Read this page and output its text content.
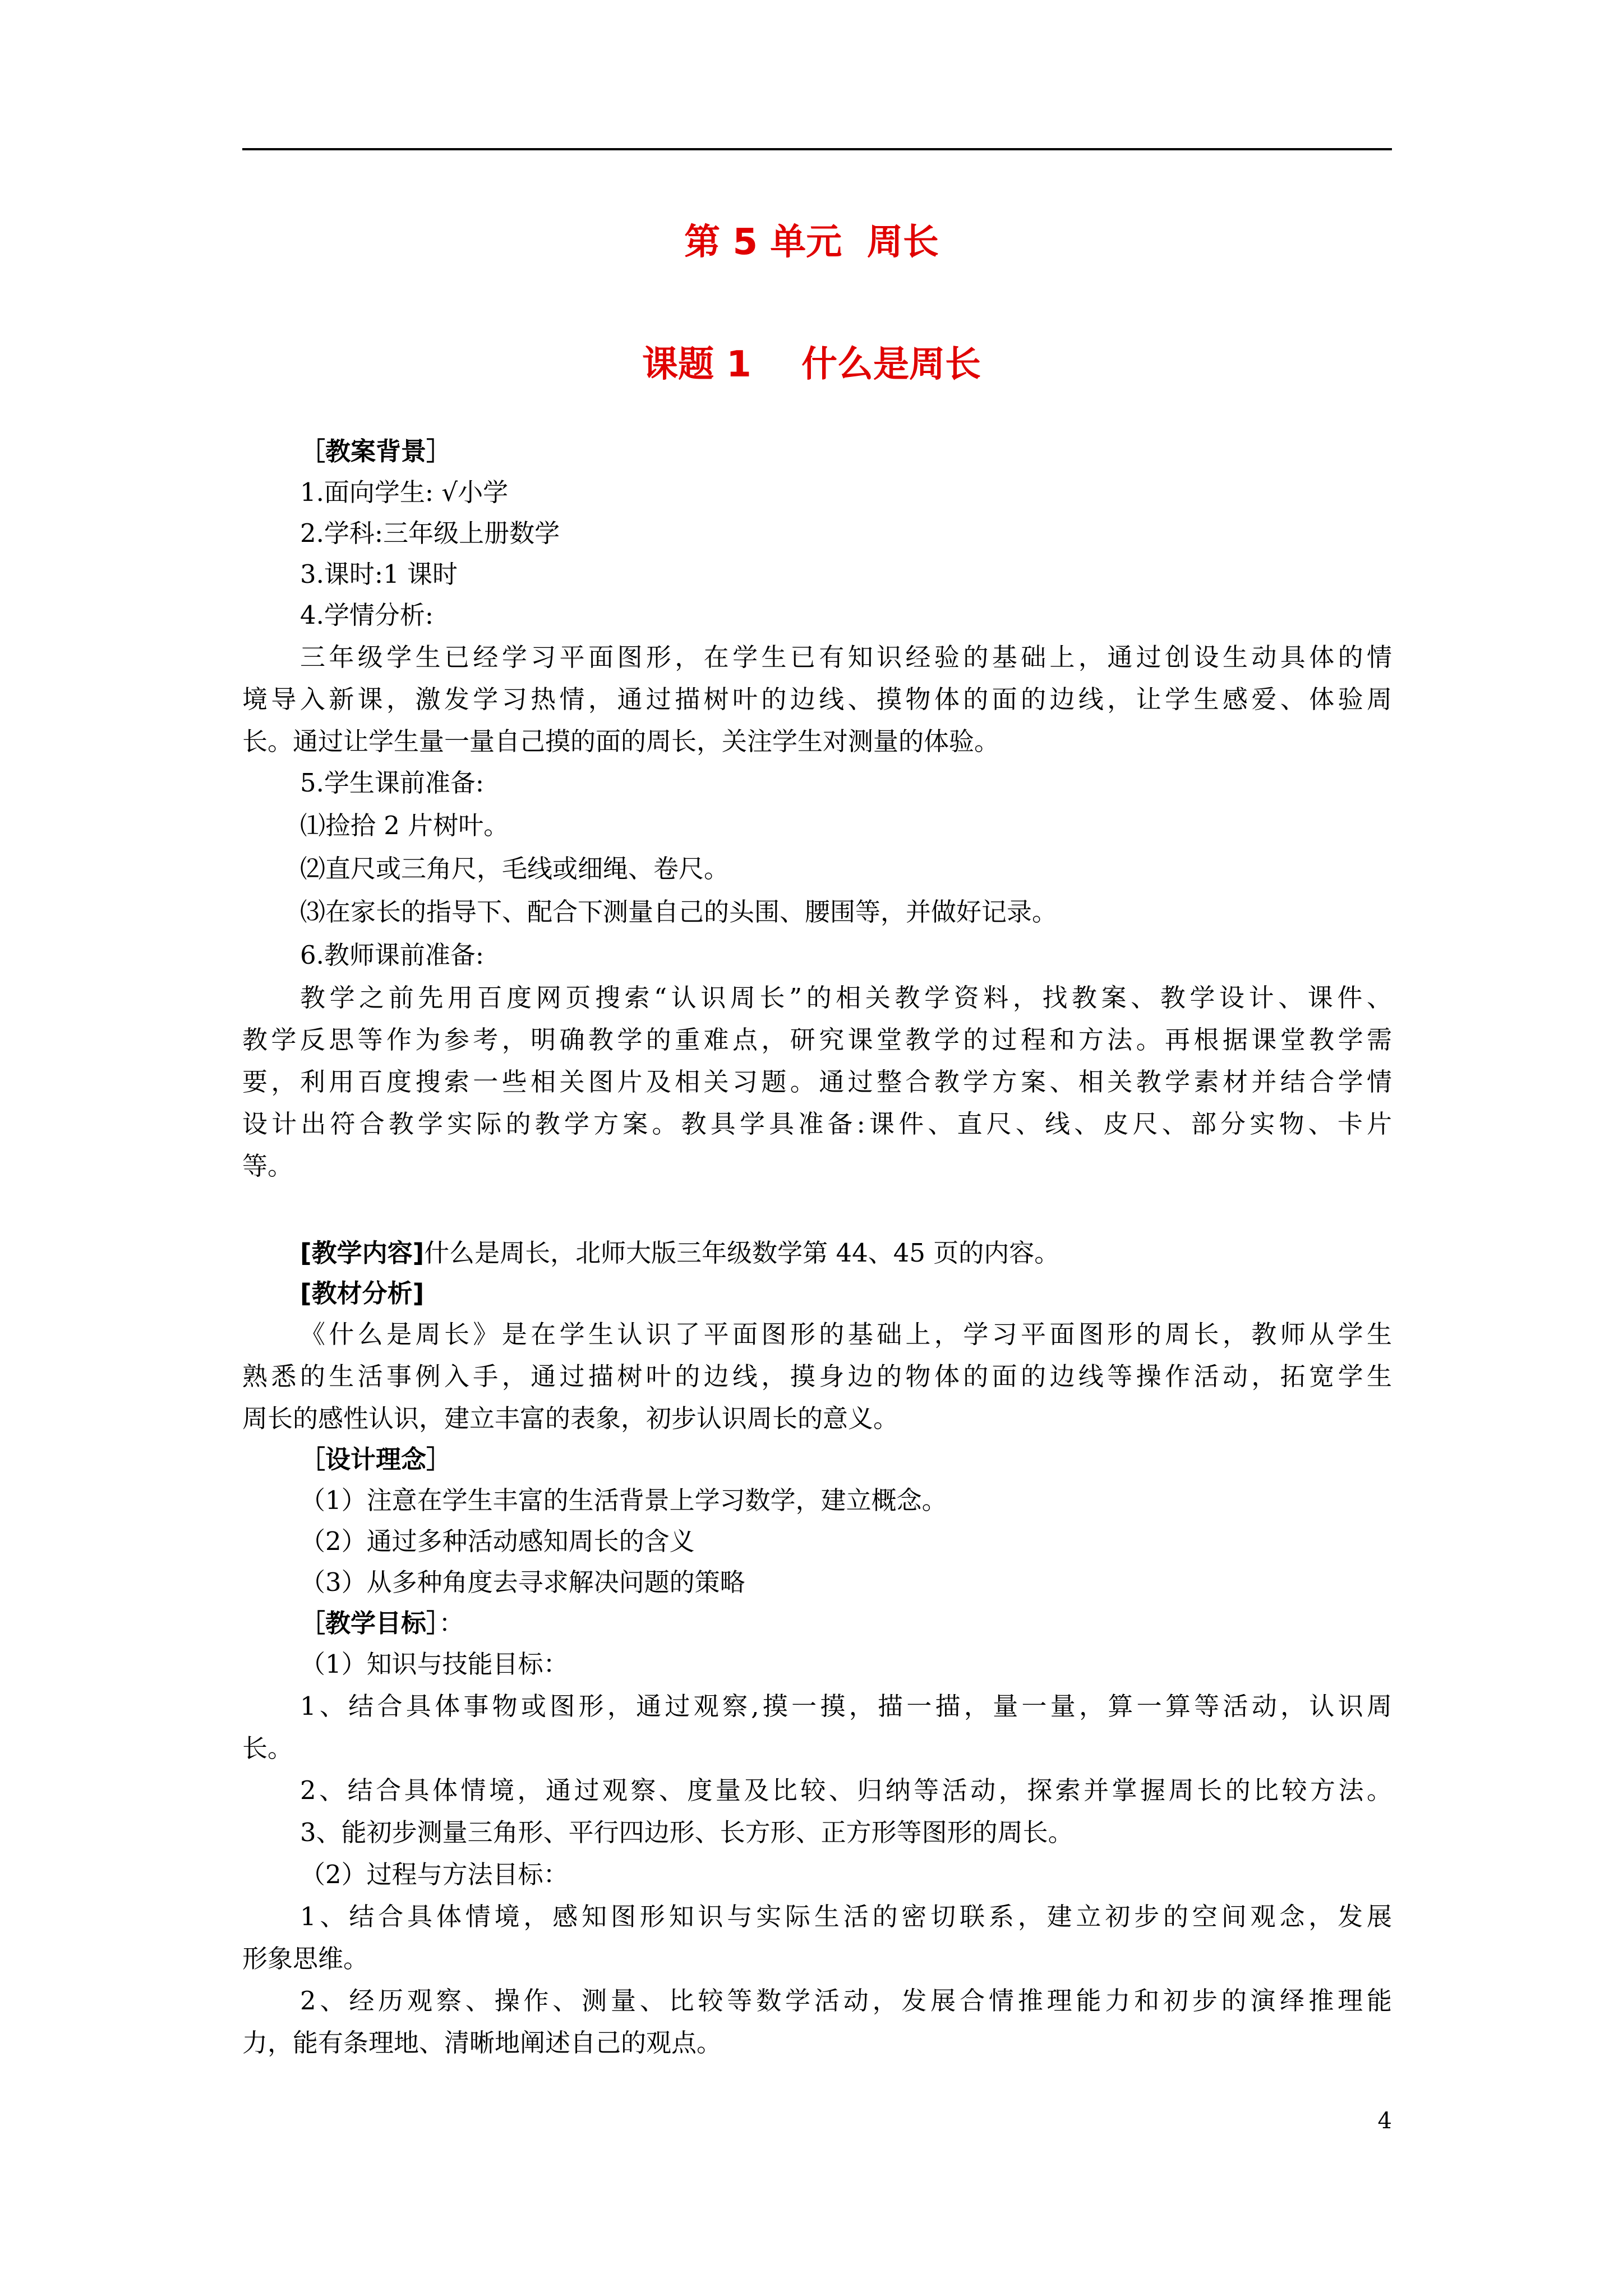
第 5 单元  周长
课题 1    什么是周长
［教案背景］
1.面向学生: √小学
2.学科:三年级上册数学
3.课时:1 课时
4.学情分析:
三年级学生已经学习平面图形，在学生已有知识经验的基础上，通过创设生动具体的情
境导入新课，激发学习热情，通过描树叶的边线、摸物体的面的边线，让学生感爱、体验周
长。通过让学生量一量自己摸的面的周长，关注学生对测量的体验。
5.学生课前准备:
⑴捡拾 2 片树叶。
⑵直尺或三角尺，毛线或细绳、卷尺。
⑶在家长的指导下、配合下测量自己的头围、腰围等，并做好记录。
6.教师课前准备:
教学之前先用百度网页搜索“认识周长”的相关教学资料，找教案、教学设计、课件、
教学反思等作为参考，明确教学的重难点，研究课堂教学的过程和方法。再根据课堂教学需
要，利用百度搜索一些相关图片及相关习题。通过整合教学方案、相关教学素材并结合学情
设计出符合教学实际的教学方案。教具学具准备:课件、直尺、线、皮尺、部分实物、卡片
等。
[教学内容]什么是周长，北师大版三年级数学第 44、45 页的内容。
[教材分析]
《什么是周长》是在学生认识了平面图形的基础上，学习平面图形的周长，教师从学生
熟悉的生活事例入手，通过描树叶的边线，摸身边的物体的面的边线等操作活动，拓宽学生
周长的感性认识，建立丰富的表象，初步认识周长的意义。
［设计理念］
（1）注意在学生丰富的生活背景上学习数学，建立概念。
（2）通过多种活动感知周长的含义
（3）从多种角度去寻求解决问题的策略
［教学目标］：
（1）知识与技能目标：
1、结合具体事物或图形，通过观察,摸一摸，描一描，量一量，算一算等活动，认识周
长。
2、结合具体情境，通过观察、度量及比较、归纳等活动，探索并掌握周长的比较方法。
3、能初步测量三角形、平行四边形、长方形、正方形等图形的周长。
（2）过程与方法目标：
1、结合具体情境，感知图形知识与实际生活的密切联系，建立初步的空间观念，发展
形象思维。
2、经历观察、操作、测量、比较等数学活动，发展合情推理能力和初步的演绎推理能
力，能有条理地、清晰地阐述自己的观点。
4
